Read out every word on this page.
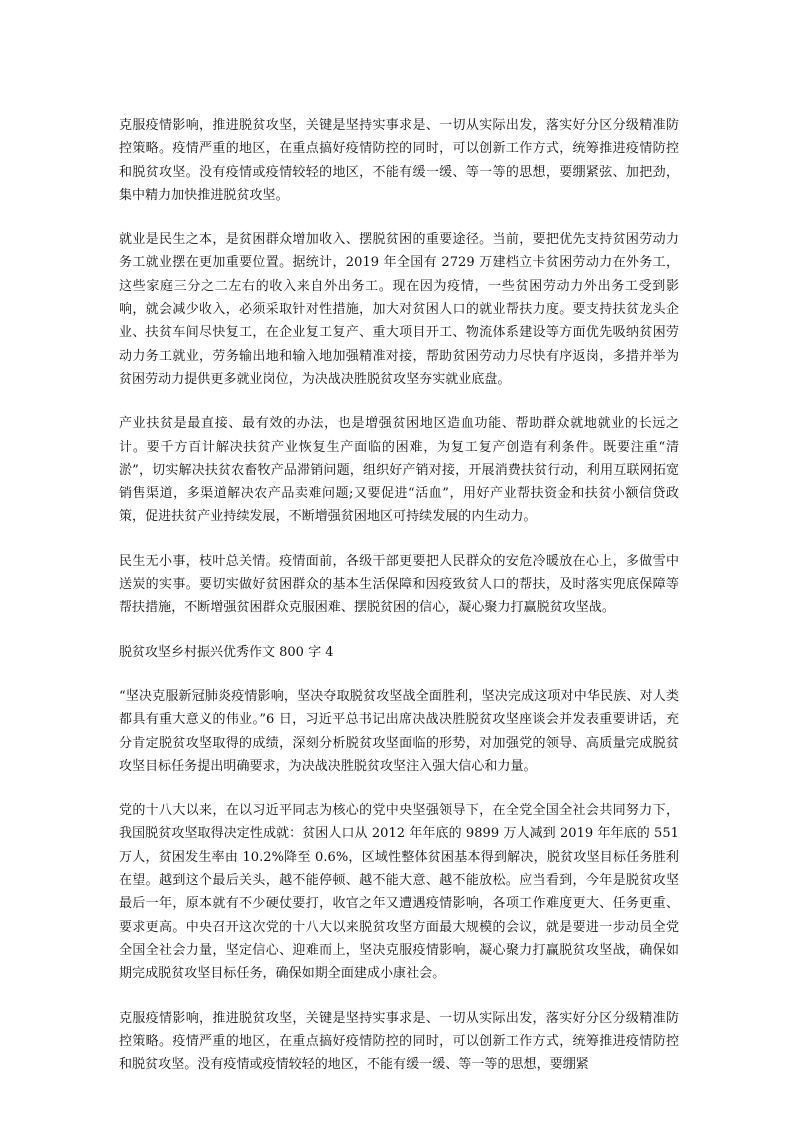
克服疫情影响，推进脱贫攻坚，关键是坚持实事求是、一切从实际出发，落实好分区分级精准防控策略。疫情严重的地区，在重点搞好疫情防控的同时，可以创新工作方式，统筹推进疫情防控和脱贫攻坚。没有疫情或疫情较轻的地区，不能有缓一缓、等一等的思想，要绷紧弦、加把劲，集中精力加快推进脱贫攻坚。

就业是民生之本，是贫困群众增加收入、摆脱贫困的重要途径。当前，要把优先支持贫困劳动力务工就业摆在更加重要位置。据统计，2019 年全国有 2729 万建档立卡贫困劳动力在外务工，这些家庭三分之二左右的收入来自外出务工。现在因为疫情，一些贫困劳动力外出务工受到影响，就会减少收入，必须采取针对性措施，加大对贫困人口的就业帮扶力度。要支持扶贫龙头企业、扶贫车间尽快复工，在企业复工复产、重大项目开工、物流体系建设等方面优先吸纳贫困劳动力务工就业，劳务输出地和输入地加强精准对接，帮助贫困劳动力尽快有序返岗，多措并举为贫困劳动力提供更多就业岗位，为决战决胜脱贫攻坚夯实就业底盘。

产业扶贫是最直接、最有效的办法，也是增强贫困地区造血功能、帮助群众就地就业的长远之计。要千方百计解决扶贫产业恢复生产面临的困难，为复工复产创造有利条件。既要注重“清淤”，切实解决扶贫农畜牧产品滞销问题，组织好产销对接，开展消费扶贫行动，利用互联网拓宽销售渠道，多渠道解决农产品卖难问题;又要促进“活血”，用好产业帮扶资金和扶贫小额信贷政策，促进扶贫产业持续发展，不断增强贫困地区可持续发展的内生动力。

民生无小事，枝叶总关情。疫情面前，各级干部更要把人民群众的安危冷暖放在心上，多做雪中送炭的实事。要切实做好贫困群众的基本生活保障和因疫致贫人口的帮扶，及时落实兜底保障等帮扶措施，不断增强贫困群众克服困难、摆脱贫困的信心，凝心聚力打赢脱贫攻坚战。

脱贫攻坚乡村振兴优秀作文 800 字 4

“坚决克服新冠肺炎疫情影响，坚决夺取脱贫攻坚战全面胜利，坚决完成这项对中华民族、对人类都具有重大意义的伟业。”6 日，习近平总书记出席决战决胜脱贫攻坚座谈会并发表重要讲话，充分肯定脱贫攻坚取得的成绩，深刻分析脱贫攻坚面临的形势，对加强党的领导、高质量完成脱贫攻坚目标任务提出明确要求，为决战决胜脱贫攻坚注入强大信心和力量。

党的十八大以来，在以习近平同志为核心的党中央坚强领导下，在全党全国全社会共同努力下，我国脱贫攻坚取得决定性成就：贫困人口从 2012 年年底的 9899 万人减到 2019 年年底的 551 万人，贫困发生率由 10.2%降至 0.6%，区域性整体贫困基本得到解决，脱贫攻坚目标任务胜利在望。越到这个最后关头，越不能停顿、越不能大意、越不能放松。应当看到，今年是脱贫攻坚最后一年，原本就有不少硬仗要打，收官之年又遭遇疫情影响，各项工作难度更大、任务更重、要求更高。中央召开这次党的十八大以来脱贫攻坚方面最大规模的会议，就是要进一步动员全党全国全社会力量，坚定信心、迎难而上，坚决克服疫情影响，凝心聚力打赢脱贫攻坚战，确保如期完成脱贫攻坚目标任务，确保如期全面建成小康社会。

克服疫情影响，推进脱贫攻坚，关键是坚持实事求是、一切从实际出发，落实好分区分级精准防控策略。疫情严重的地区，在重点搞好疫情防控的同时，可以创新工作方式，统筹推进疫情防控和脱贫攻坚。没有疫情或疫情较轻的地区，不能有缓一缓、等一等的思想，要绷紧
